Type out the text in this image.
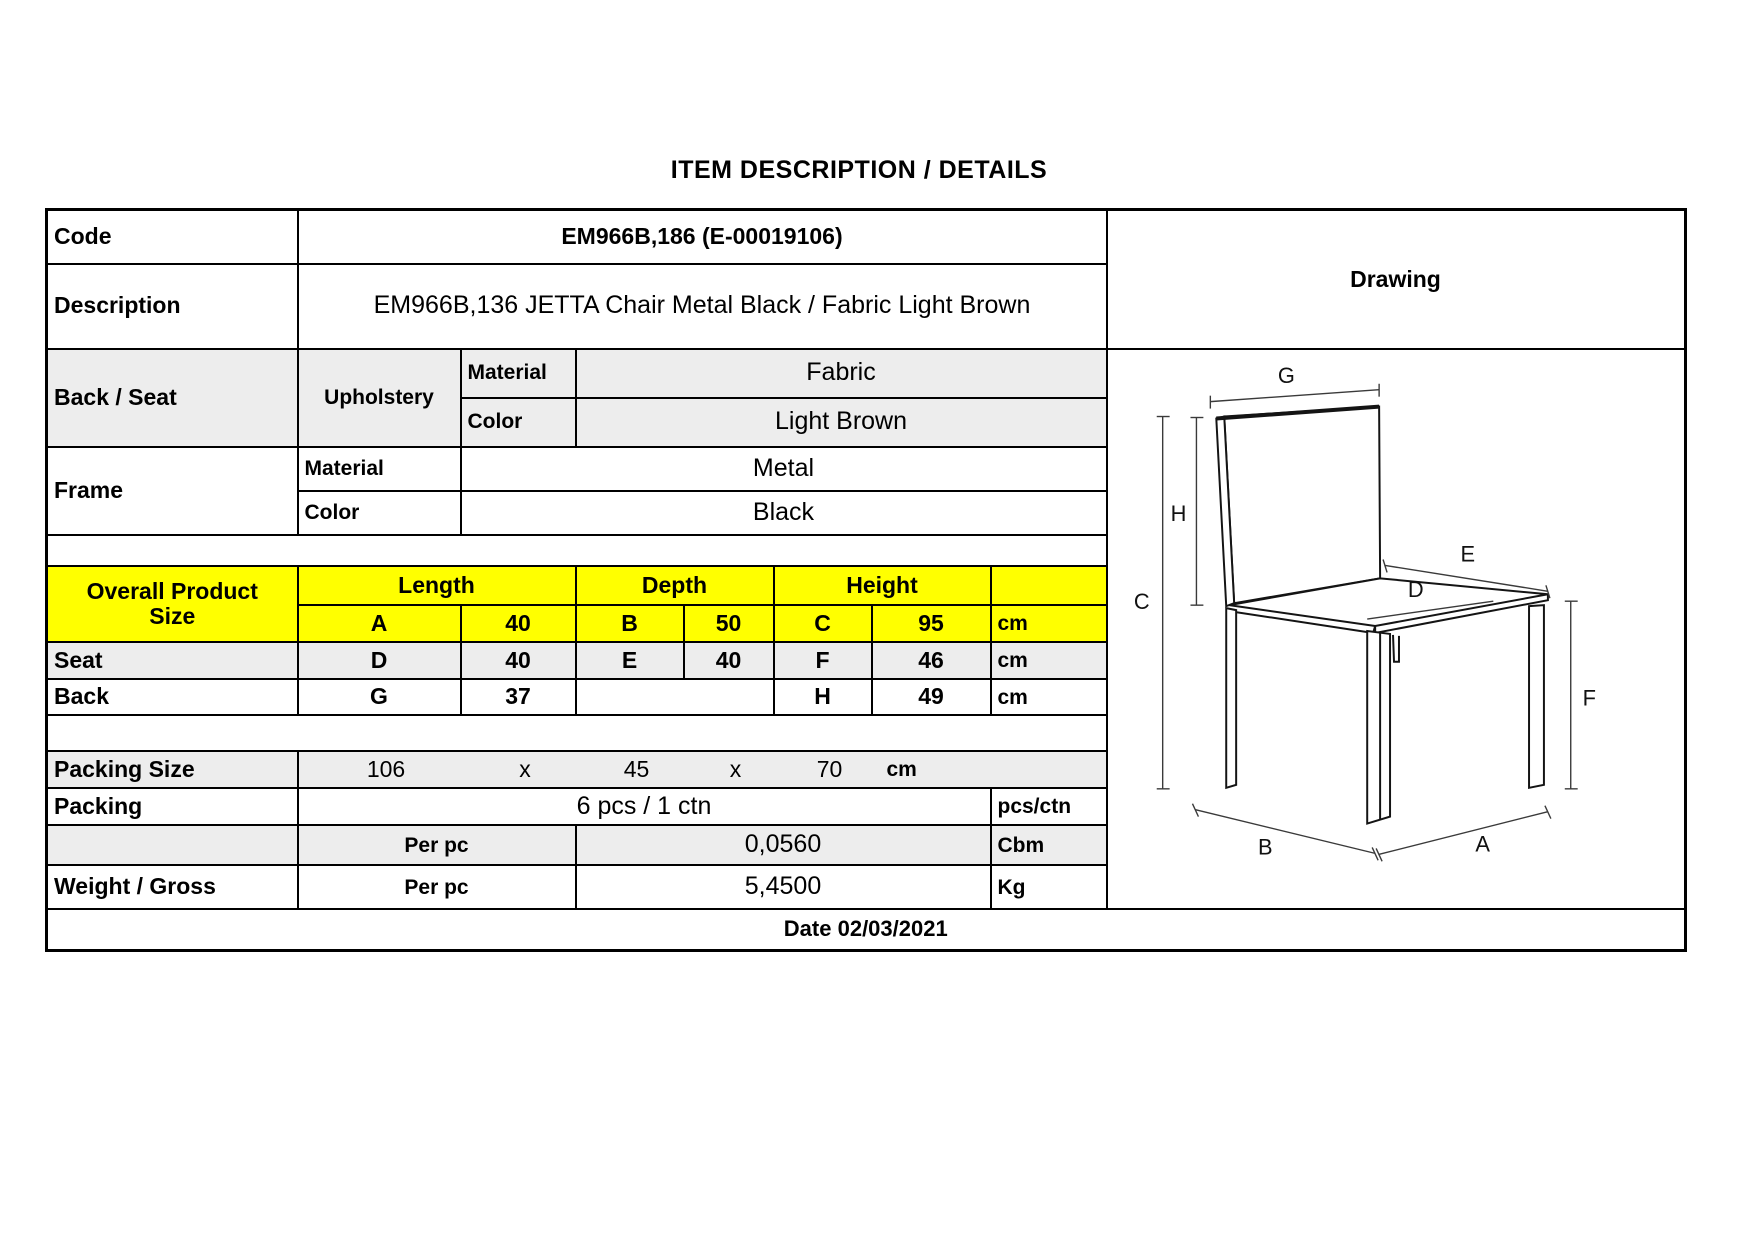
ITEM DESCRIPTION / DETAILS
Code	EM966B,186 (E-00019106)							Drawing
Description	EM966B,136 JETTA Chair Metal Black / Fabric Light Brown							
Back / Seat	Upholstery	Material	Fabric	
C
H
G
E
D
F
B	A

		Color	Light Brown					
Frame	Material	Metal						
	Color	Black						

Overall Product
Size	Length		Depth		Height			
	A	40	B	50	C	95	cm	
Seat	D	40	E	40	F	46	cm	
Back	G	37			H	49	cm	

Packing Size	106	x	45	x	70	cm

Packing	6 pcs / 1 ctn						pcs/ctn	
	Per pc		0,0560				Cbm	
Weight / Gross	Per pc		5,4500				Kg	
Date 02/03/2021								
